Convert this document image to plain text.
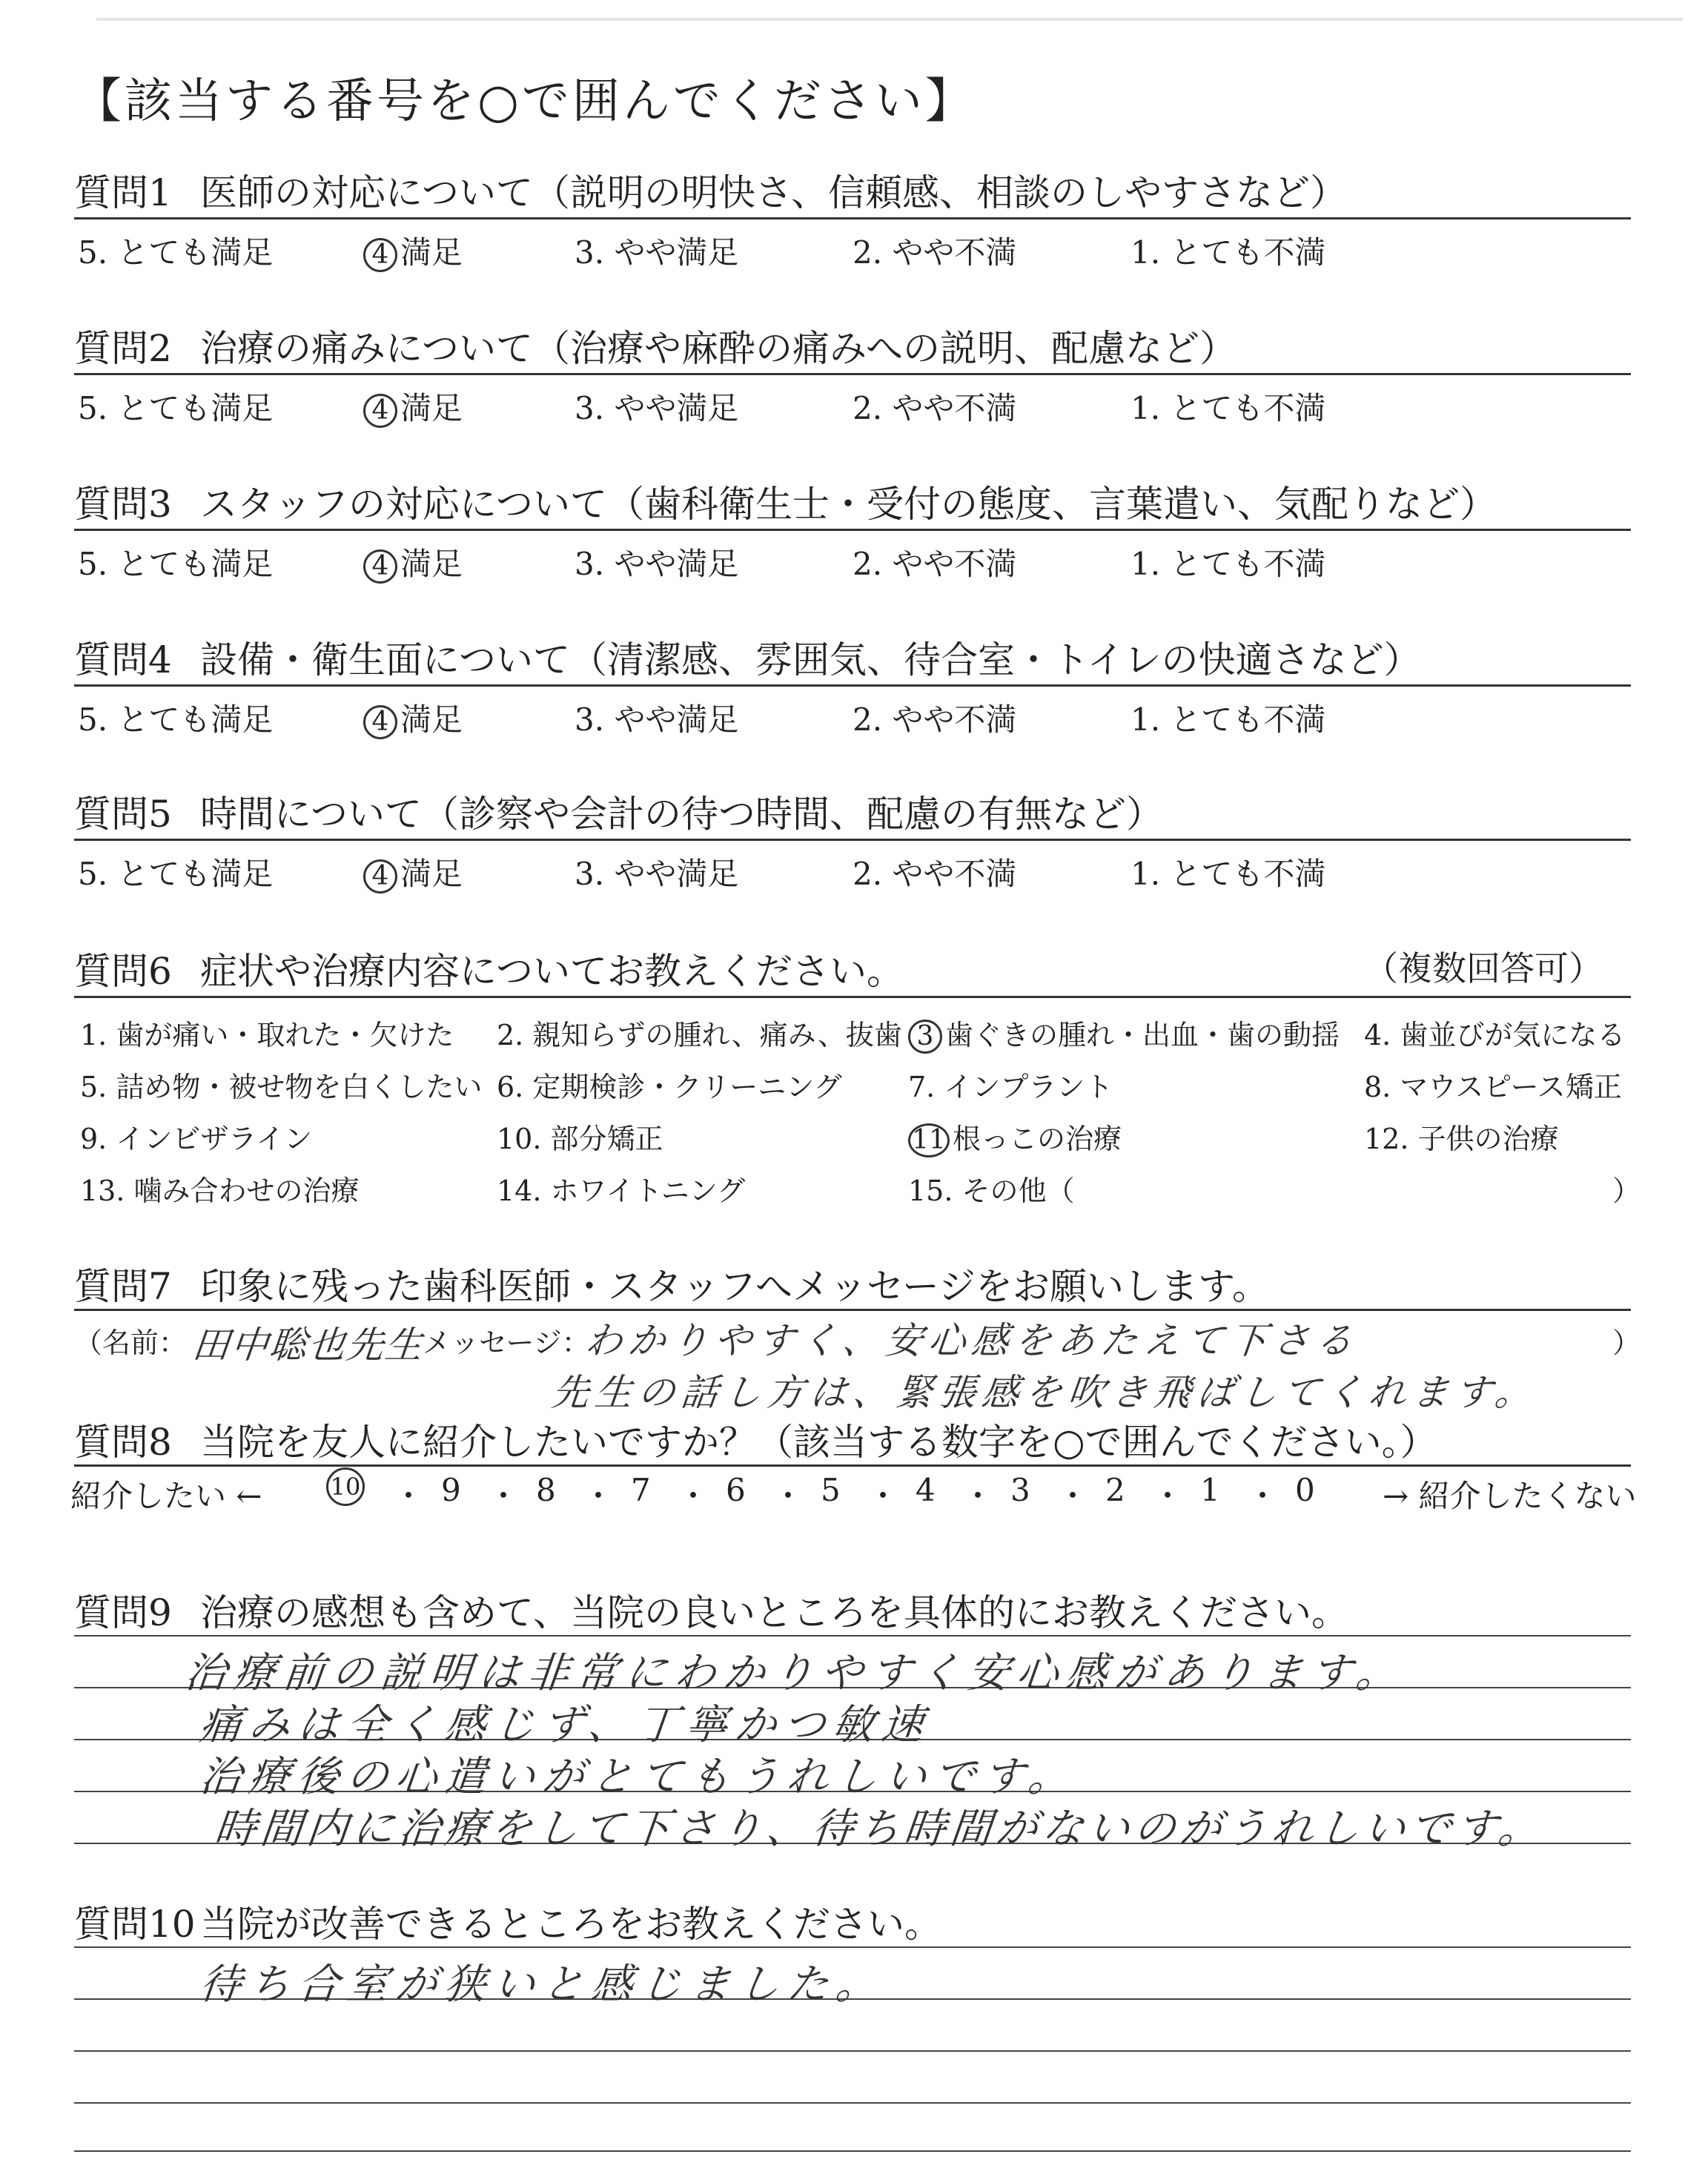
【該当する番号を○で囲んでください】
質問1 医師の対応について（説明の明快さ、信頼感、相談のしやすさなど）
5. とても満足	4 満足	3. やや満足	2. やや不満	1. とても不満
質問2 治療の痛みについて（治療や麻酔の痛みへの説明、配慮など）
5. とても満足	4 満足	3. やや満足	2. やや不満	1. とても不満
質問3 スタッフの対応について（歯科衛生士・受付の態度、言葉遣い、気配りなど）
5. とても満足	4 満足	3. やや満足	2. やや不満	1. とても不満
質問4 設備・衛生面について（清潔感、雰囲気、待合室・トイレの快適さなど）
5. とても満足	4 満足	3. やや満足	2. やや不満	1. とても不満
質問5 時間について（診察や会計の待つ時間、配慮の有無など）
5. とても満足	4 満足	3. やや満足	2. やや不満	1. とても不満
質問6 症状や治療内容についてお教えください。	（複数回答可）
1. 歯が痛い・取れた・欠けた 2. 親知らずの腫れ、痛み、抜歯 3 歯ぐきの腫れ・出血・歯の動揺 4. 歯並びが気になる
5. 詰め物・被せ物を白くしたい 6. 定期検診・クリーニング 7. インプラント	8. マウスピース矯正
9. インビザライン	10. 部分矯正	11 根っこの治療	12. 子供の治療
13. 噛み合わせの治療	14. ホワイトニング	15. その他（	）
質問7 印象に残った歯科医師・スタッフへメッセージをお願いします。
（名前： 田中聡也先生
メッセージ：
わかりやすく、安心感をあたえて下さる	）
先生の話し方は、緊張感を吹き飛ばしてくれます。
質問8 当院を友人に紹介したいですか？（該当する数字を○で囲んでください。）
紹介したい ←	10 ・ 9 ・ 8 ・ 7 ・ 6 ・ 5 ・ 4 ・ 3 ・ 2 ・ 1 ・ 0 → 紹介したくない
質問9 治療の感想も含めて、当院の良いところを具体的にお教えください。
治療前の説明は非常にわかりやすく安心感があります。
痛みは全く感じず、丁寧かつ敏速
治療後の心遣いがとてもうれしいです。
時間内に治療をして下さり、待ち時間がないのがうれしいです。
質問10 当院が改善できるところをお教えください。
待ち合室が狭いと感じました。
